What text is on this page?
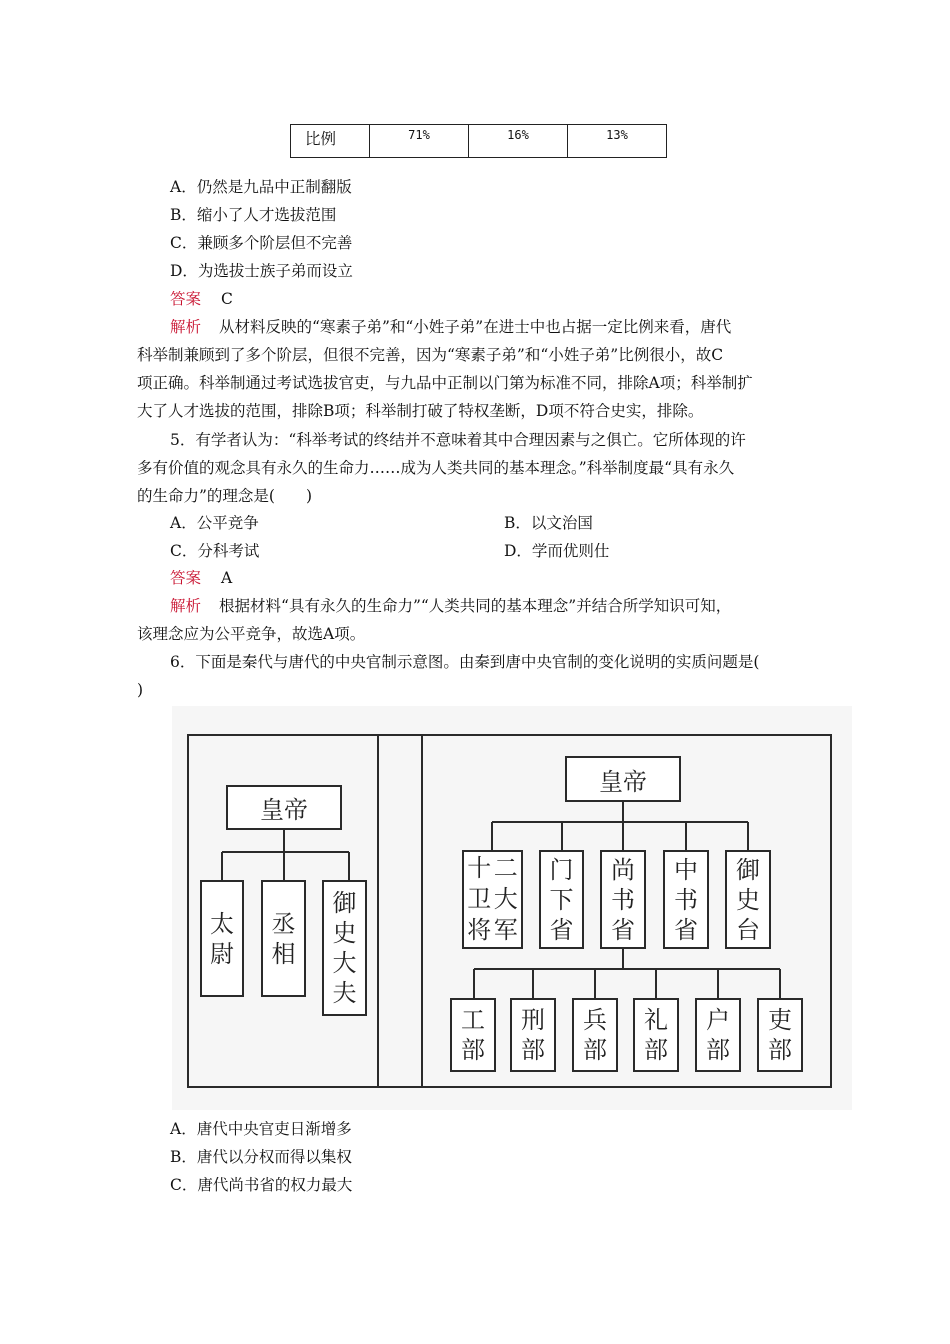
比例	71%	16%	13%
A．仍然是九品中正制翻版
B．缩小了人才选拔范围
C．兼顾多个阶层但不完善
D．为选拔士族子弟而设立
答案 C
解析 从材料反映的“寒素子弟”和“小姓子弟”在进士中也占据一定比例来看，唐代
科举制兼顾到了多个阶层，但很不完善，因为“寒素子弟”和“小姓子弟”比例很小，故C
项正确。科举制通过考试选拔官吏，与九品中正制以门第为标准不同，排除A项；科举制扩
大了人才选拔的范围，排除B项；科举制打破了特权垄断，D项不符合史实，排除。
5．有学者认为：“科举考试的终结并不意味着其中合理因素与之俱亡。它所体现的许
多有价值的观念具有永久的生命力……成为人类共同的基本理念。”科举制度最“具有永久
的生命力”的理念是(　　)
A．公平竞争	B．以文治国
C．分科考试	D．学而优则仕
答案 A
解析 根据材料“具有永久的生命力”“人类共同的基本理念”并结合所学知识可知，
该理念应为公平竞争，故选A项。
6．下面是秦代与唐代的中央官制示意图。由秦到唐中央官制的变化说明的实质问题是(
)
皇帝
太
尉
丞
相
御
史
大
夫
皇帝
十 二
卫 大
将 军
门
下
省
尚
书
省
中
书
省
御
史
台
工
部
刑
部
兵
部
礼
部
户
部
吏
部
A．唐代中央官吏日渐增多
B．唐代以分权而得以集权
C．唐代尚书省的权力最大
